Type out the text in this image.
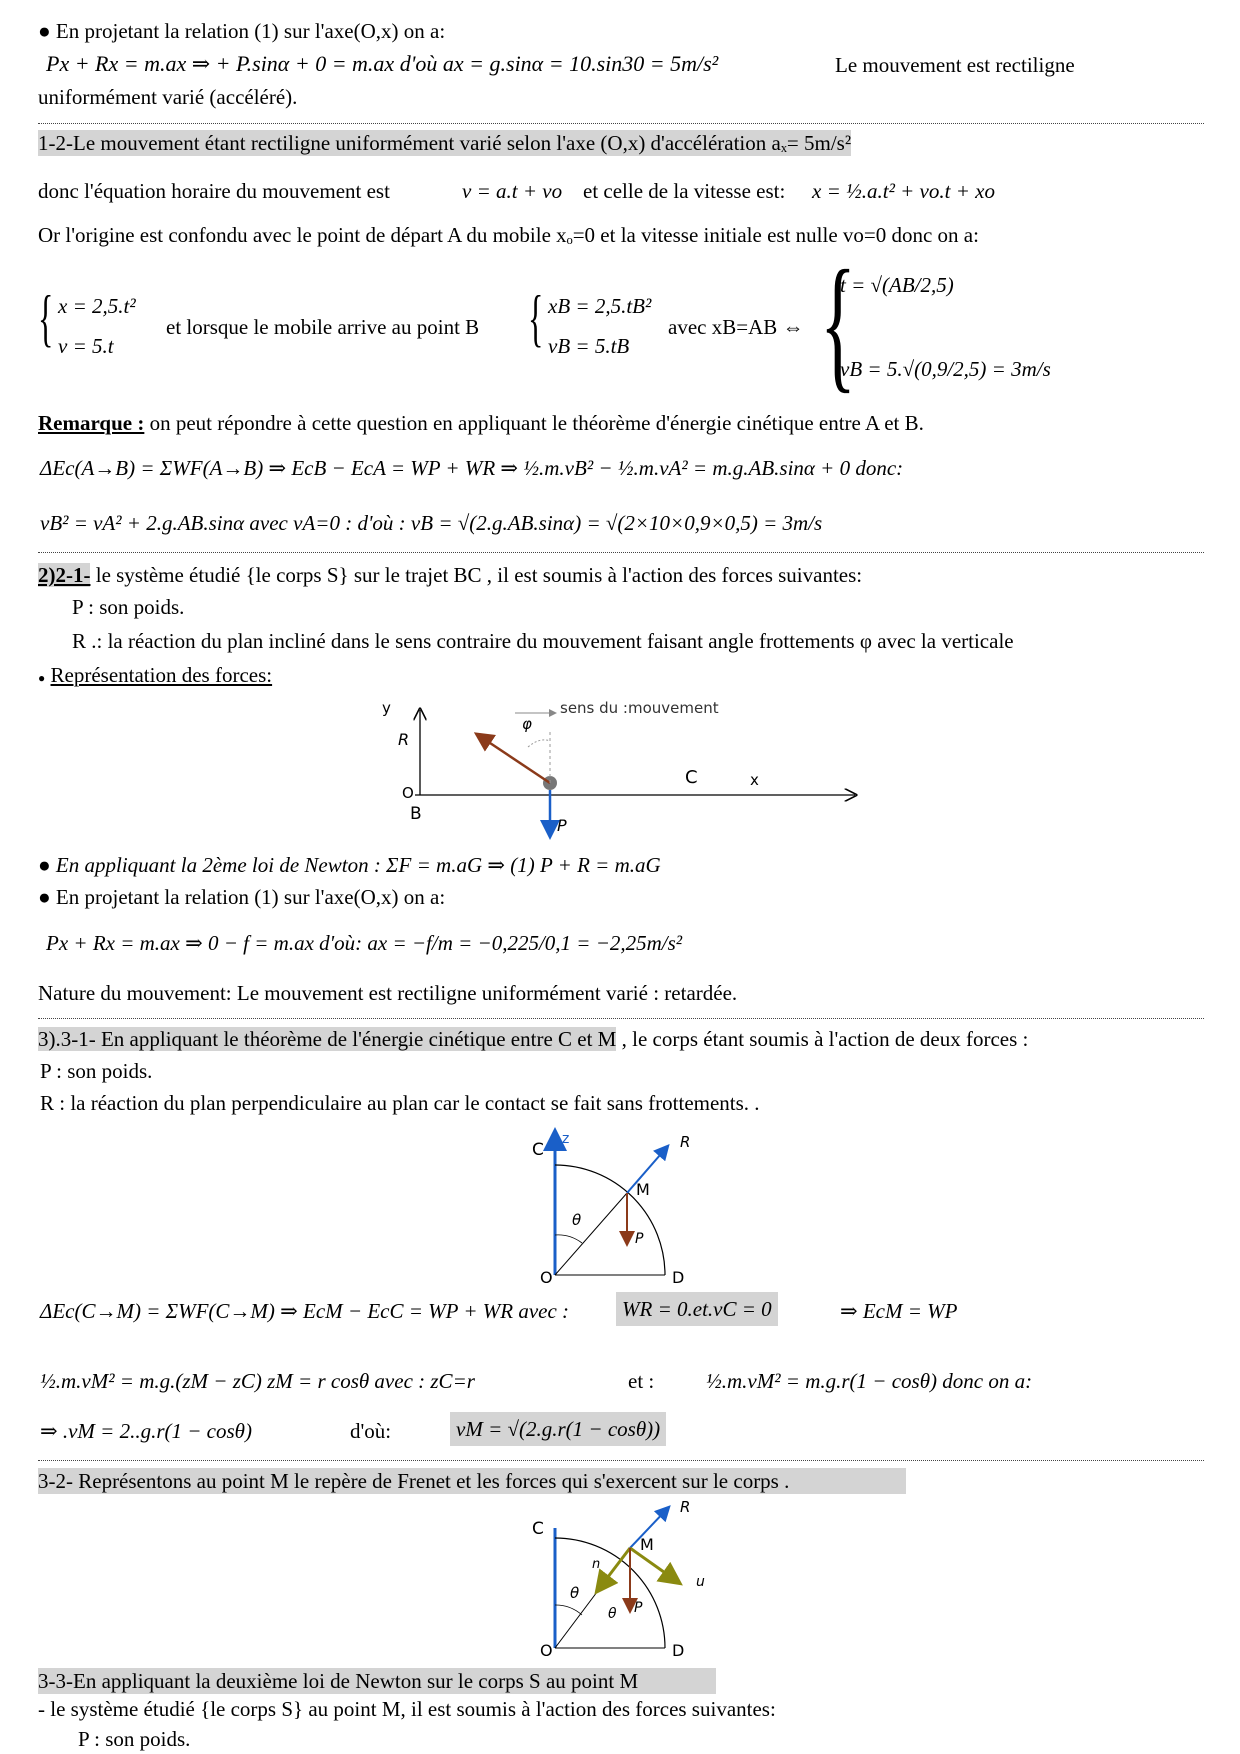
● En projetant la relation (1) sur l'axe(O,x) on a:
Px + Rx = m.ax ⇒ + P.sinα + 0 = m.ax d'où ax = g.sinα = 10.sin30 = 5m/s²	Le mouvement est rectiligne
uniformément varié (accéléré).
1-2-Le mouvement étant rectiligne uniformément varié selon l'axe (O,x) d'accélération aₓ= 5m/s²
donc l'équation horaire du mouvement est	v = a.t + vo et celle de la vitesse est: x = ½.a.t² + vo.t + xo
Or l'origine est confondu avec le point de départ A du mobile xₒ=0 et la vitesse initiale est nulle vo=0 donc on a:
{ x = 2,5.t²
v = 5.t
et lorsque le mobile arrive au point B { xB = 2,5.tB²
vB = 5.tB
avec xB=AB ⇔ {
t = √(AB/2,5)
vB = 5.√(0,9/2,5) = 3m/s
Remarque : on peut répondre à cette question en appliquant le théorème d'énergie cinétique entre A et B.
ΔEc(A→B) = ΣWF(A→B) ⇒ EcB − EcA = WP + WR ⇒ ½.m.vB² − ½.m.vA² = m.g.AB.sinα + 0 donc:
vB² = vA² + 2.g.AB.sinα avec vA=0 : d'où : vB = √(2.g.AB.sinα) = √(2×10×0,9×0,5) = 3m/s
2)2-1- le système étudié {le corps S} sur le trajet BC , il est soumis à l'action des forces suivantes:
P : son poids.
R .: la réaction du plan incliné dans le sens contraire du mouvement faisant angle frottements φ avec la verticale
● Représentation des forces:
y
R
φ
sens du :mouvement
C	x
O
B
P
● En appliquant la 2ème loi de Newton : ΣF = m.aG ⇒ (1) P + R = m.aG
● En projetant la relation (1) sur l'axe(O,x) on a:
Px + Rx = m.ax ⇒ 0 − f = m.ax d'où: ax = −f/m = −0,225/0,1 = −2,25m/s²
Nature du mouvement: Le mouvement est rectiligne uniformément varié : retardée.
3).3-1- En appliquant le théorème de l'énergie cinétique entre C et M , le corps étant soumis à l'action de deux forces :
P : son poids.
R : la réaction du plan perpendiculaire au plan car le contact se fait sans frottements. .
C
z	R
M
θ
P
O	D
ΔEc(C→M) = ΣWF(C→M) ⇒ EcM − EcC = WP + WR avec :	WR = 0.et.vC = 0	⇒ EcM = WP
½.m.vM² = m.g.(zM − zC) zM = r cosθ avec : zC=r	et : ½.m.vM² = m.g.r(1 − cosθ) donc on a:
⇒ .vM = 2..g.r(1 − cosθ)	d'où:	vM = √(2.g.r(1 − cosθ))
3-2- Représentons au point M le repère de Frenet et les forces qui s'exercent sur le corps .
C
R
M
n
θ
θ P
u
O	D
3-3-En appliquant la deuxième loi de Newton sur le corps S au point M
- le système étudié {le corps S} au point M, il est soumis à l'action des forces suivantes:
P : son poids.
